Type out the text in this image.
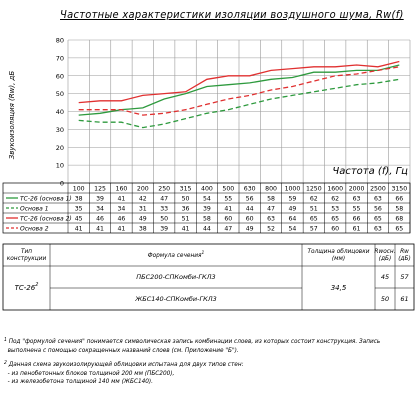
Частотные характеристики изоляции воздушного шума, Rw(f)
Звукоизоляция (Rw), дБ
0
10
20
30
40
50
60
70
80
Частота (f), Гц
100 125 160 200 250 315 400 500 630 800 1000 1250 1600 2000 2500 3150
ТС-26 (основа 1) 38 39 41 42 47 50 54 55 56 58 59 62 62 63 63 66
Основа 1	35 34 34 31 33 36 39 41 44 47 49 51 53 55 56 58
ТС-26 (основа 2) 45 46 46 49 50 51 58 60 60 63 64 65 65 66 65 68
Основа 2	41 41 41 38 39 41 44 47 49 52 54 57 60 61 63 65
Тип
конструкции	Формула сечения$^1$	Толщина облицовки
(мм)
Rwосн.
(дБ)
Rw
(дБ)
$ТС-26^2$	34,5
ПБС200-СПКомби-ГКЛ3	45 57
ЖБС140-СПКомби-ГКЛ3	50 61
$^1$ Под "формулой сечения" понимается символическая запись комбинации слоев, из которых состоит конструкция. Запись
выполнена с помощью сокращенных названий слоев (см. Приложение "Б").
$^2$ Данная схема звукоизолирующей облицовки испытана для двух типов стен:
- из пенобетонных блоков толщиной 200 мм (ПБС200),
- из железобетона толщиной 140 мм (ЖБС140).
